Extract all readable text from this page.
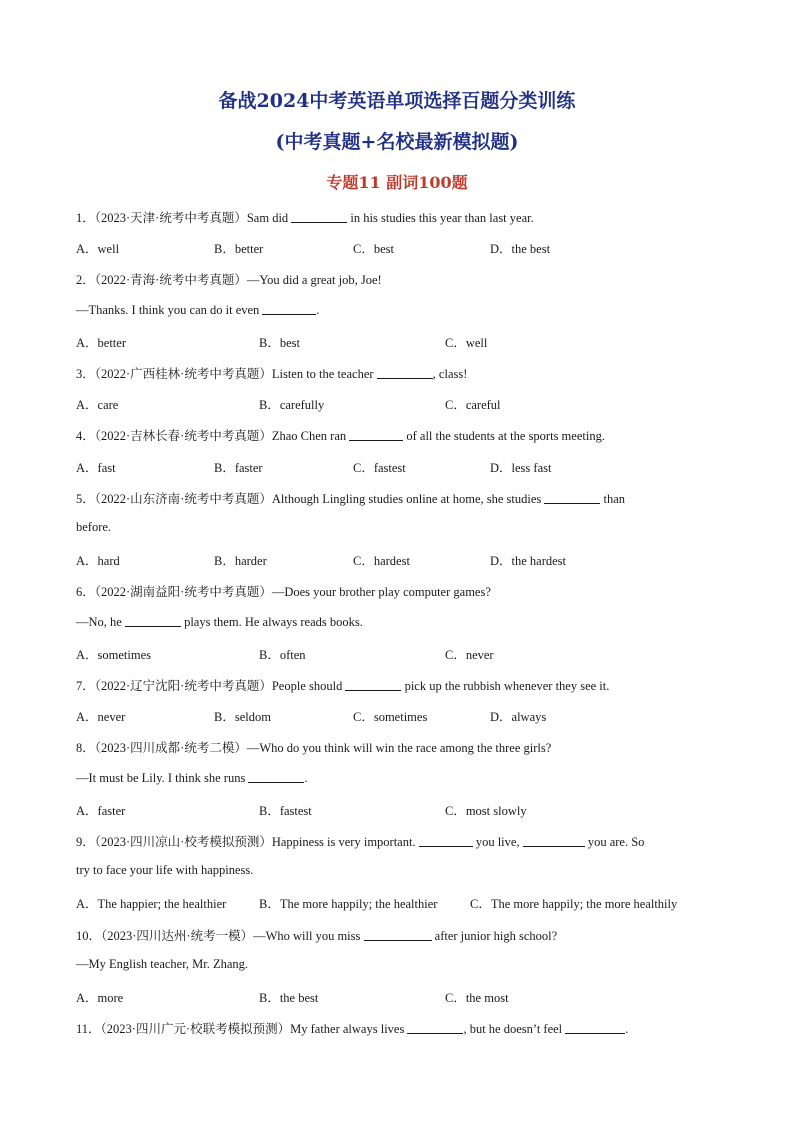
备战2024中考英语单项选择百题分类训练
(中考真题+名校最新模拟题)
专题11 副词100题
1．（2023·天津·统考中考真题）Sam did	in his studies this year than last year.
A．well	B．better	C．best	D．the best
2．（2022·青海·统考中考真题）—You did a great job, Joe!
—Thanks. I think you can do it even	.
A．better	B．best	C．well
3．（2022·广西桂林·统考中考真题）Listen to the teacher	, class!
A．care	B．carefully	C．careful
4．（2022·吉林长春·统考中考真题）Zhao Chen ran	of all the students at the sports meeting.
A．fast	B．faster	C．fastest	D．less fast
5．（2022·山东济南·统考中考真题）Although Lingling studies online at home, she studies	than
before.
A．hard	B．harder	C．hardest	D．the hardest
6．（2022·湖南益阳·统考中考真题）—Does your brother play computer games?
—No, he	plays them. He always reads books.
A．sometimes	B．often	C．never
7．（2022·辽宁沈阳·统考中考真题）People should	pick up the rubbish whenever they see it.
A．never	B．seldom	C．sometimes	D．always
8．（2023·四川成都·统考二模）—Who do you think will win the race among the three girls?
—It must be Lily. I think she runs	.
A．faster	B．fastest	C．most slowly
9．（2023·四川凉山·校考模拟预测）Happiness is very important.	you live,	you are. So
try to face your life with happiness.
A．The happier; the healthier	B．The more happily; the healthier	C．The more happily; the more healthily
10．（2023·四川达州·统考一模）—Who will you miss	after junior high school?
—My English teacher, Mr. Zhang.
A．more	B．the best	C．the most
11．（2023·四川广元·校联考模拟预测）My father always lives	, but he doesn’t feel	.
